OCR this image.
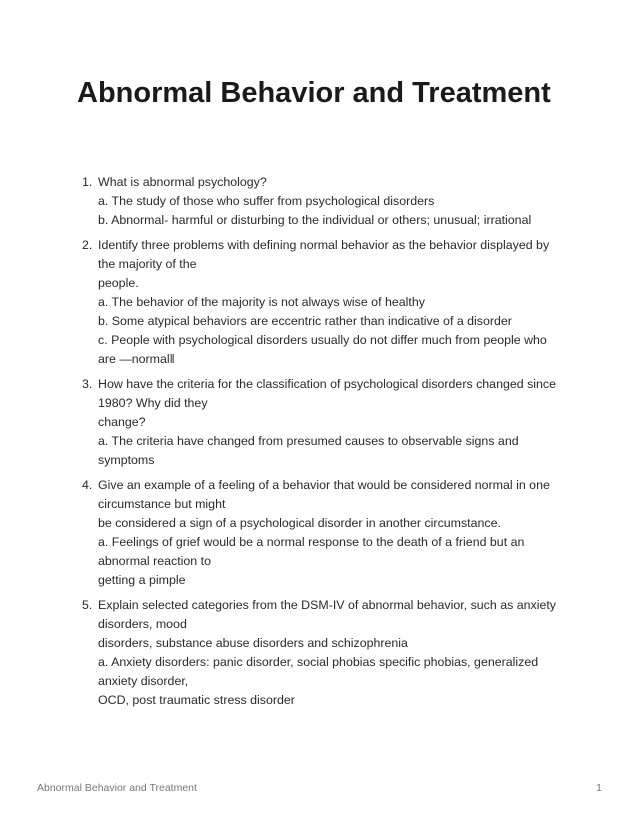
Abnormal Behavior and Treatment
1. What is abnormal psychology?
a. The study of those who suffer from psychological disorders
b. Abnormal- harmful or disturbing to the individual or others; unusual; irrational
2. Identify three problems with defining normal behavior as the behavior displayed by
the majority of the
people.
a. The behavior of the majority is not always wise of healthy
b. Some atypical behaviors are eccentric rather than indicative of a disorder
c. People with psychological disorders usually do not differ much from people who
are ―normal‖
3. How have the criteria for the classification of psychological disorders changed since
1980? Why did they
change?
a. The criteria have changed from presumed causes to observable signs and
symptoms
4. Give an example of a feeling of a behavior that would be considered normal in one
circumstance but might
be considered a sign of a psychological disorder in another circumstance.
a. Feelings of grief would be a normal response to the death of a friend but an
abnormal reaction to
getting a pimple
5. Explain selected categories from the DSM-IV of abnormal behavior, such as anxiety
disorders, mood
disorders, substance abuse disorders and schizophrenia
a. Anxiety disorders: panic disorder, social phobias specific phobias, generalized
anxiety disorder,
OCD, post traumatic stress disorder
Abnormal Behavior and Treatment	1
